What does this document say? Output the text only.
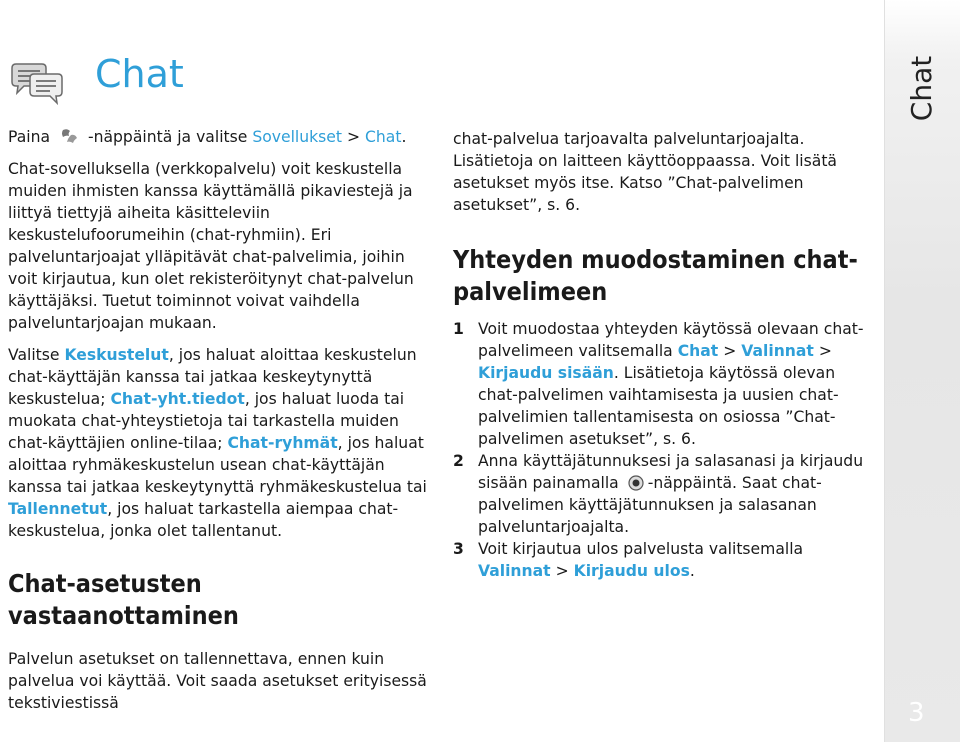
Chat
3
Chat

Paina -näppäintä ja valitse Sovellukset > Chat.

Chat-sovelluksella (verkkopalvelu) voit keskustella muiden ihmisten kanssa käyttämällä pikaviestejä ja liittyä tiettyjä aiheita käsitteleviin keskustelufoorumeihin (chat-ryhmiin). Eri palveluntarjoajat ylläpitävät chat-palvelimia, joihin voit kirjautua, kun olet rekisteröitynyt chat-palvelun käyttäjäksi. Tuetut toiminnot voivat vaihdella palveluntarjoajan mukaan.

Valitse Keskustelut, jos haluat aloittaa keskustelun chat-käyttäjän kanssa tai jatkaa keskeytynyttä keskustelua; Chat-yht.tiedot, jos haluat luoda tai muokata chat-yhteystietoja tai tarkastella muiden chat-käyttäjien online-tilaa; Chat-ryhmät, jos haluat aloittaa ryhmäkeskustelun usean chat-käyttäjän kanssa tai jatkaa keskeytynyttä ryhmäkeskustelua tai Tallennetut, jos haluat tarkastella aiempaa chat-keskustelua, jonka olet tallentanut.

Chat-asetusten vastaanottaminen

Palvelun asetukset on tallennettava, ennen kuin palvelua voi käyttää. Voit saada asetukset erityisessä tekstiviestissä

chat-palvelua tarjoavalta palveluntarjoajalta. Lisätietoja on laitteen käyttöoppaassa. Voit lisätä asetukset myös itse. Katso ”Chat-palvelimen asetukset”, s. 6.

Yhteyden muodostaminen chat-palvelimeen
1 Voit muodostaa yhteyden käytössä olevaan chat-palvelimeen valitsemalla Chat > Valinnat > Kirjaudu sisään. Lisätietoja käytössä olevan chat-palvelimen vaihtamisesta ja uusien chat-palvelimien tallentamisesta on osiossa ”Chat-palvelimen asetukset”, s. 6.
2 Anna käyttäjätunnuksesi ja salasanasi ja kirjaudu sisään painamalla -näppäintä. Saat chat-palvelimen käyttäjätunnuksen ja salasanan palveluntarjoajalta.
3 Voit kirjautua ulos palvelusta valitsemalla Valinnat > Kirjaudu ulos.
